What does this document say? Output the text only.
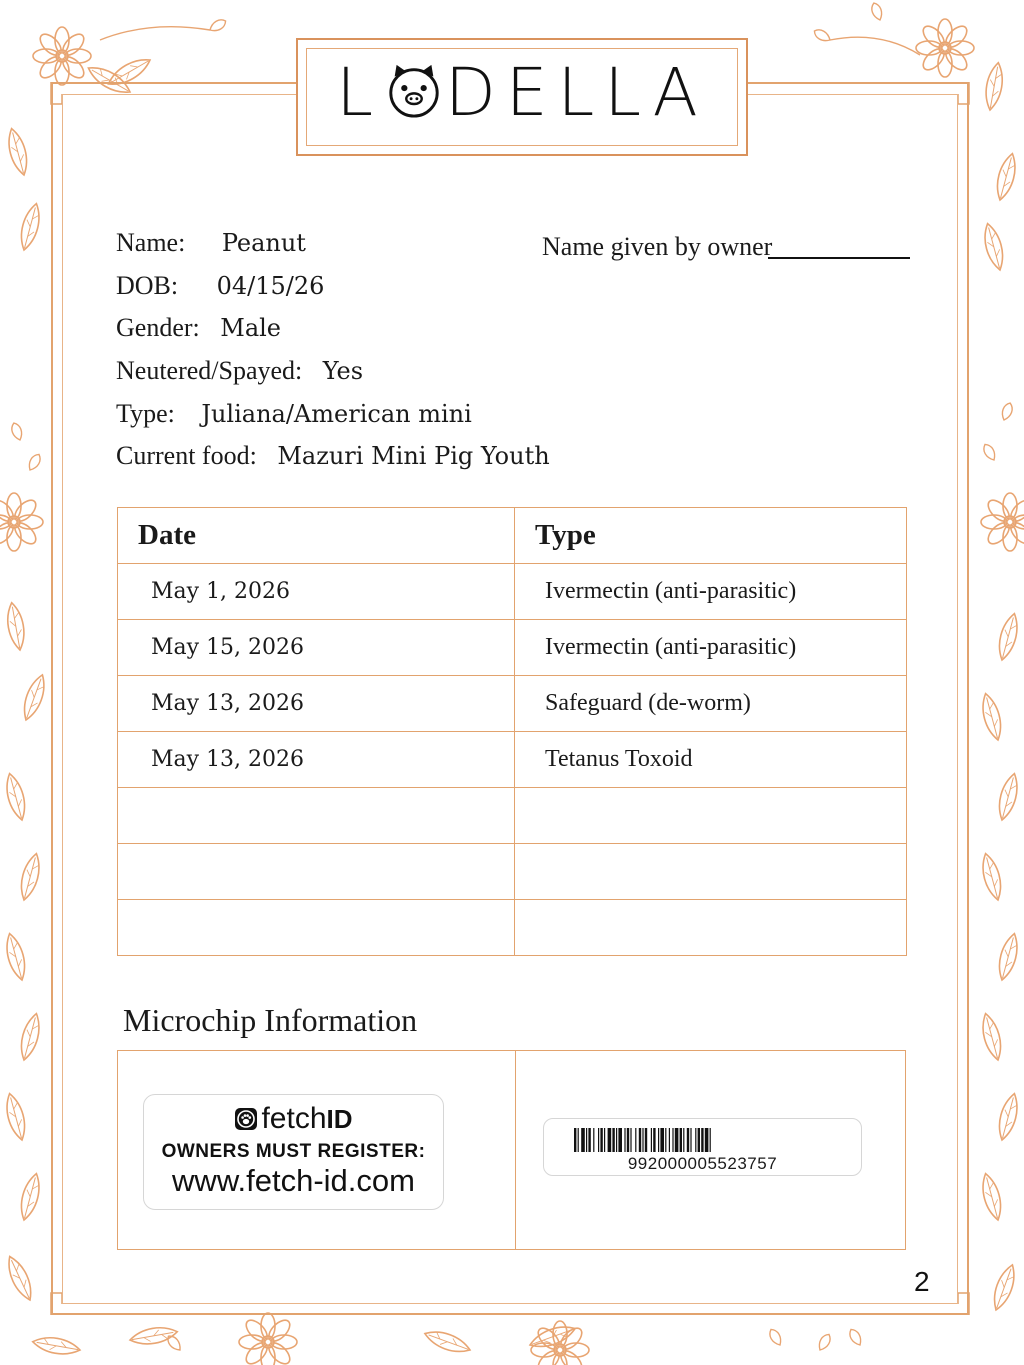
L DELLA
Name: Peanut
DOB: 04/15/26
Gender: Male
Neutered/Spayed: Yes
Type: Juliana/American mini
Current food: Mazuri Mini Pig Youth
Name given by owner
Date	Type
May 1, 2026	Ivermectin (anti-parasitic)
May 15, 2026	Ivermectin (anti-parasitic)
May 13, 2026	Safeguard (de-worm)
May 13, 2026	Tetanus Toxoid

Microchip Information
fetchID
OWNERS MUST REGISTER:
www.fetch-id.com	992000005523757
2
